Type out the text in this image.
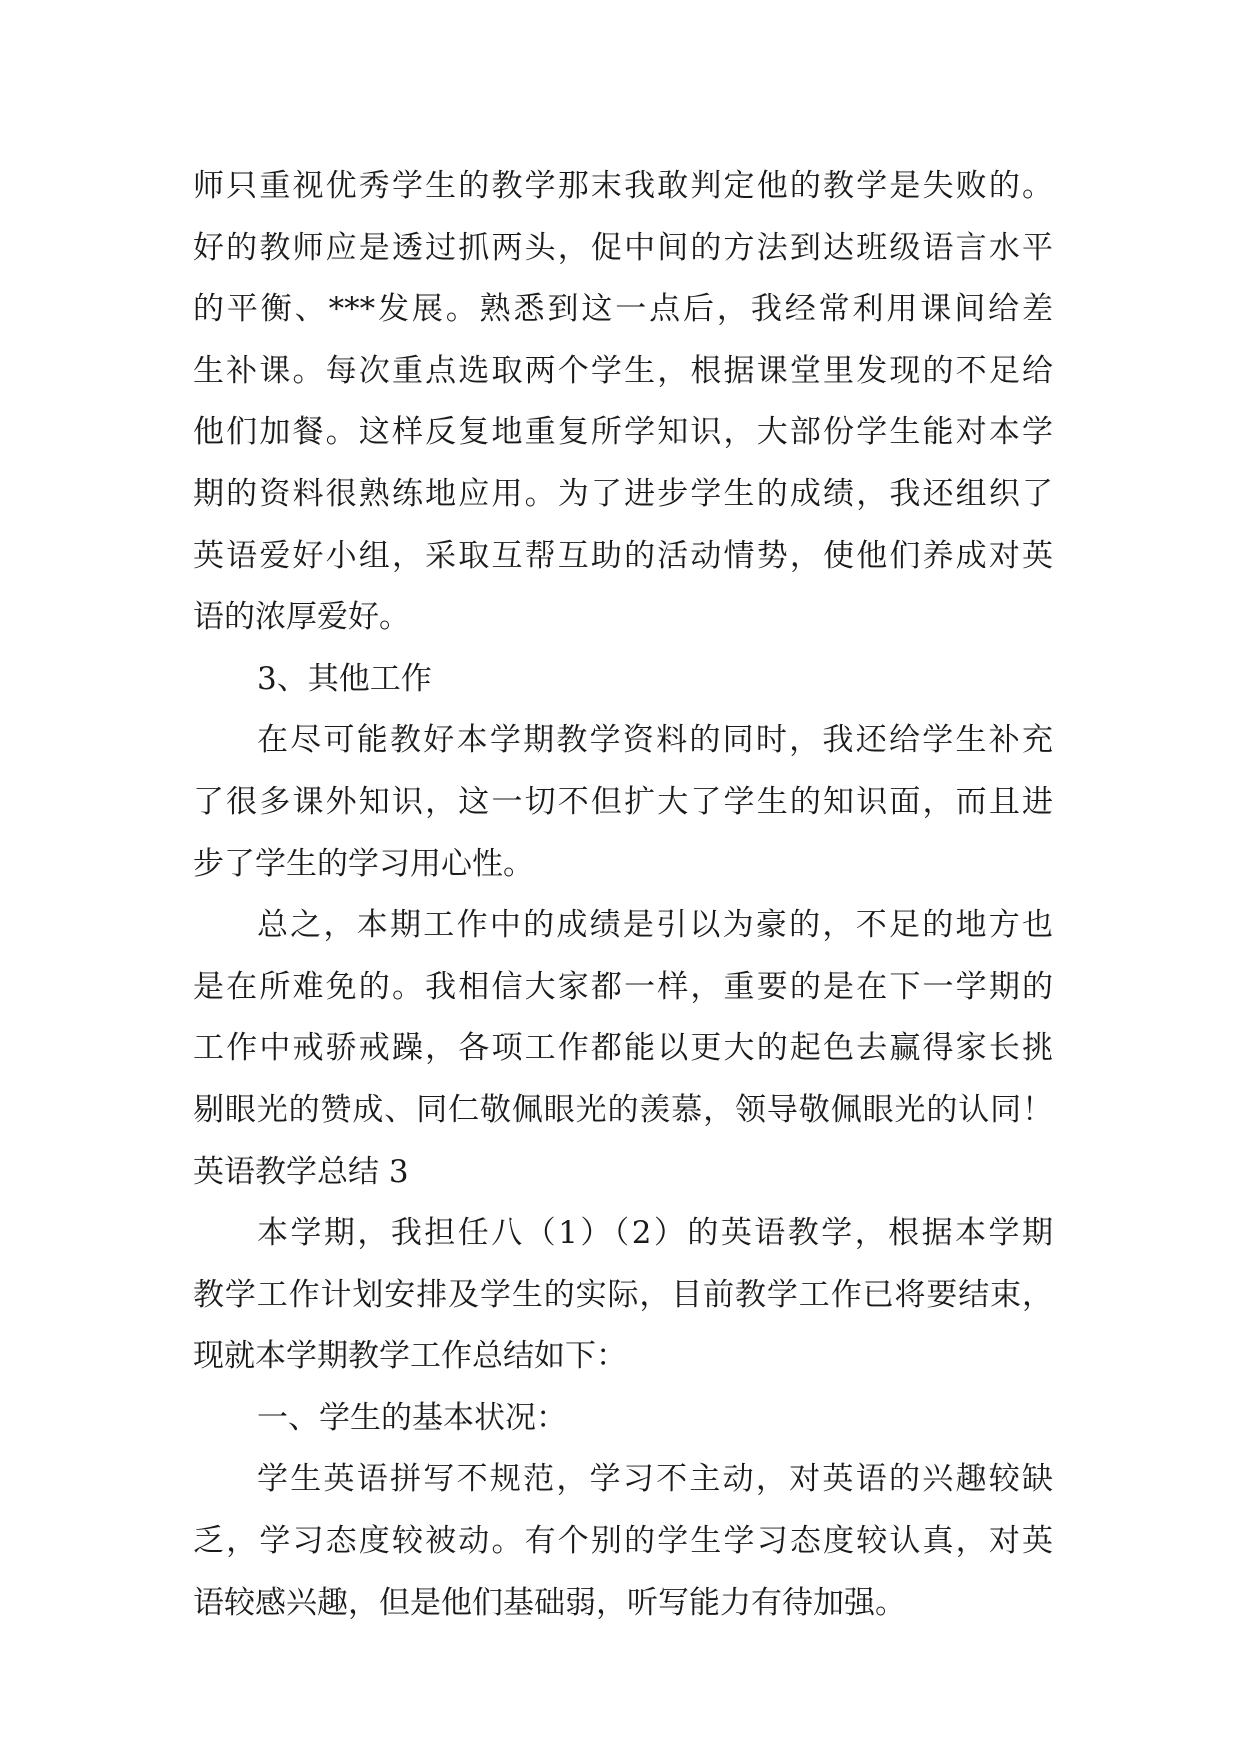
师只重视优秀学生的教学那末我敢判定他的教学是失败的。
好的教师应是透过抓两头，促中间的方法到达班级语言水平
的平衡、***发展。熟悉到这一点后，我经常利用课间给差
生补课。每次重点选取两个学生，根据课堂里发现的不足给
他们加餐。这样反复地重复所学知识，大部份学生能对本学
期的资料很熟练地应用。为了进步学生的成绩，我还组织了
英语爱好小组，采取互帮互助的活动情势，使他们养成对英
语的浓厚爱好。
3、其他工作
在尽可能教好本学期教学资料的同时，我还给学生补充
了很多课外知识，这一切不但扩大了学生的知识面，而且进
步了学生的学习用心性。
总之，本期工作中的成绩是引以为豪的，不足的地方也
是在所难免的。我相信大家都一样，重要的是在下一学期的
工作中戒骄戒躁，各项工作都能以更大的起色去赢得家长挑
剔眼光的赞成、同仁敬佩眼光的羡慕，领导敬佩眼光的认同！
英语教学总结 3
本学期，我担任八（1）（2）的英语教学，根据本学期
教学工作计划安排及学生的实际，目前教学工作已将要结束，
现就本学期教学工作总结如下：
一、学生的基本状况：
学生英语拼写不规范，学习不主动，对英语的兴趣较缺
乏，学习态度较被动。有个别的学生学习态度较认真，对英
语较感兴趣，但是他们基础弱，听写能力有待加强。
